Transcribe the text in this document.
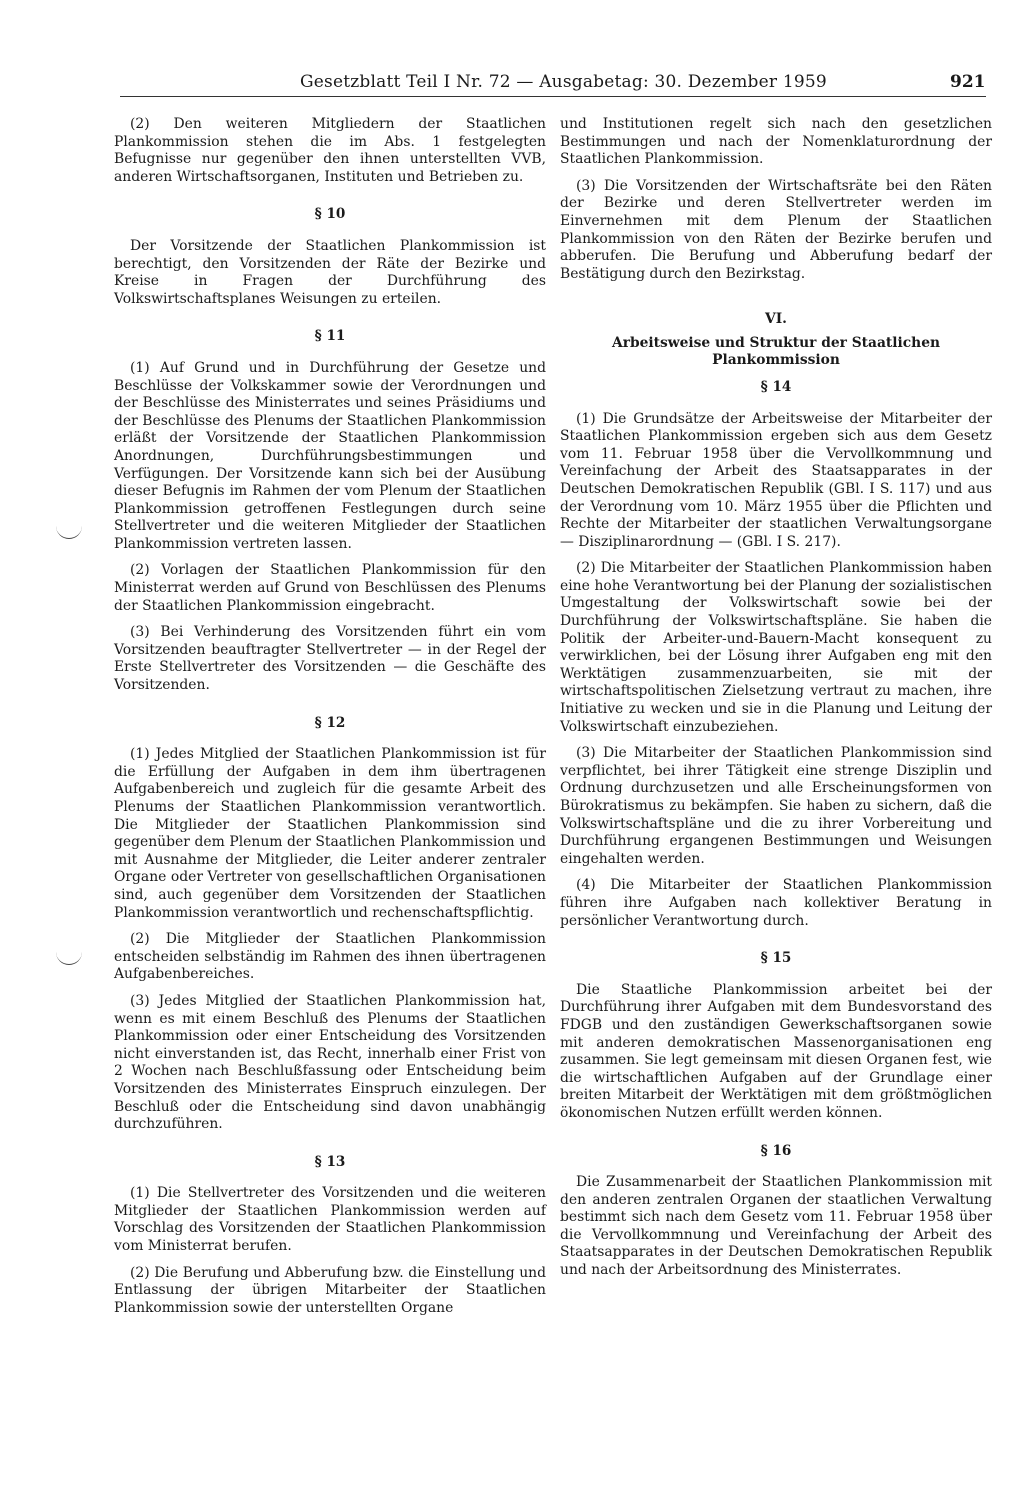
Gesetzblatt Teil I Nr. 72 — Ausgabetag: 30. Dezember 1959	921

(2) Den weiteren Mitgliedern der Staatlichen Plankommission stehen die im Abs. 1 festgelegten Befugnisse nur gegenüber den ihnen unterstellten VVB, anderen Wirtschaftsorganen, Instituten und Betrieben zu.

§ 10

Der Vorsitzende der Staatlichen Plankommission ist berechtigt, den Vorsitzenden der Räte der Bezirke und Kreise in Fragen der Durchführung des Volkswirtschaftsplanes Weisungen zu erteilen.

§ 11

(1) Auf Grund und in Durchführung der Gesetze und Beschlüsse der Volkskammer sowie der Verordnungen und der Beschlüsse des Ministerrates und seines Präsidiums und der Beschlüsse des Plenums der Staatlichen Plankommission erläßt der Vorsitzende der Staatlichen Plankommission Anordnungen, Durchführungsbestimmungen und Verfügungen. Der Vorsitzende kann sich bei der Ausübung dieser Befugnis im Rahmen der vom Plenum der Staatlichen Plankommission getroffenen Festlegungen durch seine Stellvertreter und die weiteren Mitglieder der Staatlichen Plankommission vertreten lassen.

(2) Vorlagen der Staatlichen Plankommission für den Ministerrat werden auf Grund von Beschlüssen des Plenums der Staatlichen Plankommission eingebracht.

(3) Bei Verhinderung des Vorsitzenden führt ein vom Vorsitzenden beauftragter Stellvertreter — in der Regel der Erste Stellvertreter des Vorsitzenden — die Geschäfte des Vorsitzenden.

§ 12

(1) Jedes Mitglied der Staatlichen Plankommission ist für die Erfüllung der Aufgaben in dem ihm übertragenen Aufgabenbereich und zugleich für die gesamte Arbeit des Plenums der Staatlichen Plankommission verantwortlich. Die Mitglieder der Staatlichen Plankommission sind gegenüber dem Plenum der Staatlichen Plankommission und mit Ausnahme der Mitglieder, die Leiter anderer zentraler Organe oder Vertreter von gesellschaftlichen Organisationen sind, auch gegenüber dem Vorsitzenden der Staatlichen Plankommission verantwortlich und rechenschaftspflichtig.

(2) Die Mitglieder der Staatlichen Plankommission entscheiden selbständig im Rahmen des ihnen übertragenen Aufgabenbereiches.

(3) Jedes Mitglied der Staatlichen Plankommission hat, wenn es mit einem Beschluß des Plenums der Staatlichen Plankommission oder einer Entscheidung des Vorsitzenden nicht einverstanden ist, das Recht, innerhalb einer Frist von 2 Wochen nach Beschlußfassung oder Entscheidung beim Vorsitzenden des Ministerrates Einspruch einzulegen. Der Beschluß oder die Entscheidung sind davon unabhängig durchzuführen.

§ 13

(1) Die Stellvertreter des Vorsitzenden und die weiteren Mitglieder der Staatlichen Plankommission werden auf Vorschlag des Vorsitzenden der Staatlichen Plankommission vom Ministerrat berufen.

(2) Die Berufung und Abberufung bzw. die Einstellung und Entlassung der übrigen Mitarbeiter der Staatlichen Plankommission sowie der unterstellten Organe

und Institutionen regelt sich nach den gesetzlichen Bestimmungen und nach der Nomenklaturordnung der Staatlichen Plankommission.

(3) Die Vorsitzenden der Wirtschaftsräte bei den Räten der Bezirke und deren Stellvertreter werden im Einvernehmen mit dem Plenum der Staatlichen Plankommission von den Räten der Bezirke berufen und abberufen. Die Berufung und Abberufung bedarf der Bestätigung durch den Bezirkstag.

VI.
Arbeitsweise und Struktur der Staatlichen Plankommission
§ 14

(1) Die Grundsätze der Arbeitsweise der Mitarbeiter der Staatlichen Plankommission ergeben sich aus dem Gesetz vom 11. Februar 1958 über die Vervollkommnung und Vereinfachung der Arbeit des Staatsapparates in der Deutschen Demokratischen Republik (GBl. I S. 117) und aus der Verordnung vom 10. März 1955 über die Pflichten und Rechte der Mitarbeiter der staatlichen Verwaltungsorgane — Disziplinarordnung — (GBl. I S. 217).

(2) Die Mitarbeiter der Staatlichen Plankommission haben eine hohe Verantwortung bei der Planung der sozialistischen Umgestaltung der Volkswirtschaft sowie bei der Durchführung der Volkswirtschaftspläne. Sie haben die Politik der Arbeiter-und-Bauern-Macht konsequent zu verwirklichen, bei der Lösung ihrer Aufgaben eng mit den Werktätigen zusammenzuarbeiten, sie mit der wirtschaftspolitischen Zielsetzung vertraut zu machen, ihre Initiative zu wecken und sie in die Planung und Leitung der Volkswirtschaft einzubeziehen.

(3) Die Mitarbeiter der Staatlichen Plankommission sind verpflichtet, bei ihrer Tätigkeit eine strenge Disziplin und Ordnung durchzusetzen und alle Erscheinungsformen von Bürokratismus zu bekämpfen. Sie haben zu sichern, daß die Volkswirtschaftspläne und die zu ihrer Vorbereitung und Durchführung ergangenen Bestimmungen und Weisungen eingehalten werden.

(4) Die Mitarbeiter der Staatlichen Plankommission führen ihre Aufgaben nach kollektiver Beratung in persönlicher Verantwortung durch.

§ 15

Die Staatliche Plankommission arbeitet bei der Durchführung ihrer Aufgaben mit dem Bundesvorstand des FDGB und den zuständigen Gewerkschaftsorganen sowie mit anderen demokratischen Massenorganisationen eng zusammen. Sie legt gemeinsam mit diesen Organen fest, wie die wirtschaftlichen Aufgaben auf der Grundlage einer breiten Mitarbeit der Werktätigen mit dem größtmöglichen ökonomischen Nutzen erfüllt werden können.

§ 16

Die Zusammenarbeit der Staatlichen Plankommission mit den anderen zentralen Organen der staatlichen Verwaltung bestimmt sich nach dem Gesetz vom 11. Februar 1958 über die Vervollkommnung und Vereinfachung der Arbeit des Staatsapparates in der Deutschen Demokratischen Republik und nach der Arbeitsordnung des Ministerrates.
